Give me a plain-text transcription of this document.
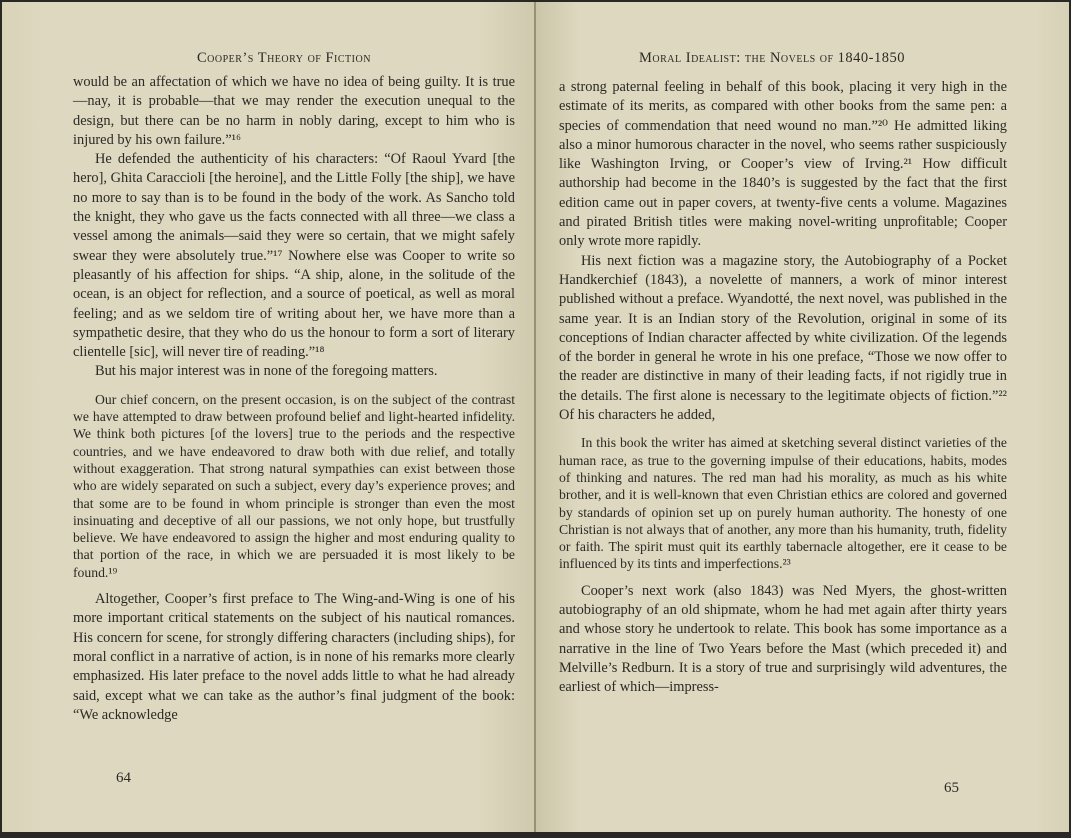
Cooper’s Theory of Fiction

would be an affectation of which we have no idea of being guilty. It is true—nay, it is probable—that we may render the execution unequal to the design, but there can be no harm in nobly daring, except to him who is injured by his own failure.”¹⁶

He defended the authenticity of his characters: “Of Raoul Yvard [the hero], Ghita Caraccioli [the heroine], and the Little Folly [the ship], we have no more to say than is to be found in the body of the work. As Sancho told the knight, they who gave us the facts connected with all three—we class a vessel among the animals—said they were so certain, that we might safely swear they were absolutely true.”¹⁷ Nowhere else was Cooper to write so pleasantly of his affection for ships. “A ship, alone, in the solitude of the ocean, is an object for reflection, and a source of poetical, as well as moral feeling; and as we seldom tire of writing about her, we have more than a sympathetic desire, that they who do us the honour to form a sort of literary clientelle [sic], will never tire of reading.”¹⁸

But his major interest was in none of the foregoing matters.

Our chief concern, on the present occasion, is on the subject of the contrast we have attempted to draw between profound belief and light-hearted infidelity. We think both pictures [of the lovers] true to the periods and the respective countries, and we have endeavored to draw both with due relief, and totally without exaggeration. That strong natural sympathies can exist between those who are widely separated on such a subject, every day’s experience proves; and that some are to be found in whom principle is stronger than even the most insinuating and deceptive of all our passions, we not only hope, but trustfully believe. We have endeavored to assign the higher and most enduring quality to that portion of the race, in which we are persuaded it is most likely to be found.¹⁹

Altogether, Cooper’s first preface to The Wing-and-Wing is one of his more important critical statements on the subject of his nautical romances. His concern for scene, for strongly differing characters (including ships), for moral conflict in a narrative of action, is in none of his remarks more clearly emphasized. His later preface to the novel adds little to what he had already said, except what we can take as the author’s final judgment of the book: “We acknowledge

64
Moral Idealist: the Novels of 1840-1850

a strong paternal feeling in behalf of this book, placing it very high in the estimate of its merits, as compared with other books from the same pen: a species of commendation that need wound no man.”²⁰ He admitted liking also a minor humorous character in the novel, who seems rather suspiciously like Washington Irving, or Cooper’s view of Irving.²¹ How difficult authorship had become in the 1840’s is suggested by the fact that the first edition came out in paper covers, at twenty-five cents a volume. Magazines and pirated British titles were making novel-writing unprofitable; Cooper only wrote more rapidly.

His next fiction was a magazine story, the Autobiography of a Pocket Handkerchief (1843), a novelette of manners, a work of minor interest published without a preface. Wyandotté, the next novel, was published in the same year. It is an Indian story of the Revolution, original in some of its conceptions of Indian character affected by white civilization. Of the legends of the border in general he wrote in his one preface, “Those we now offer to the reader are distinctive in many of their leading facts, if not rigidly true in the details. The first alone is necessary to the legitimate objects of fiction.”²² Of his characters he added,

In this book the writer has aimed at sketching several distinct varieties of the human race, as true to the governing impulse of their educations, habits, modes of thinking and natures. The red man had his morality, as much as his white brother, and it is well-known that even Christian ethics are colored and governed by standards of opinion set up on purely human authority. The honesty of one Christian is not always that of another, any more than his humanity, truth, fidelity or faith. The spirit must quit its earthly tabernacle altogether, ere it cease to be influenced by its tints and imperfections.²³

Cooper’s next work (also 1843) was Ned Myers, the ghost-written autobiography of an old shipmate, whom he had met again after thirty years and whose story he undertook to relate. This book has some importance as a narrative in the line of Two Years before the Mast (which preceded it) and Melville’s Redburn. It is a story of true and surprisingly wild adventures, the earliest of which—impress-

65
